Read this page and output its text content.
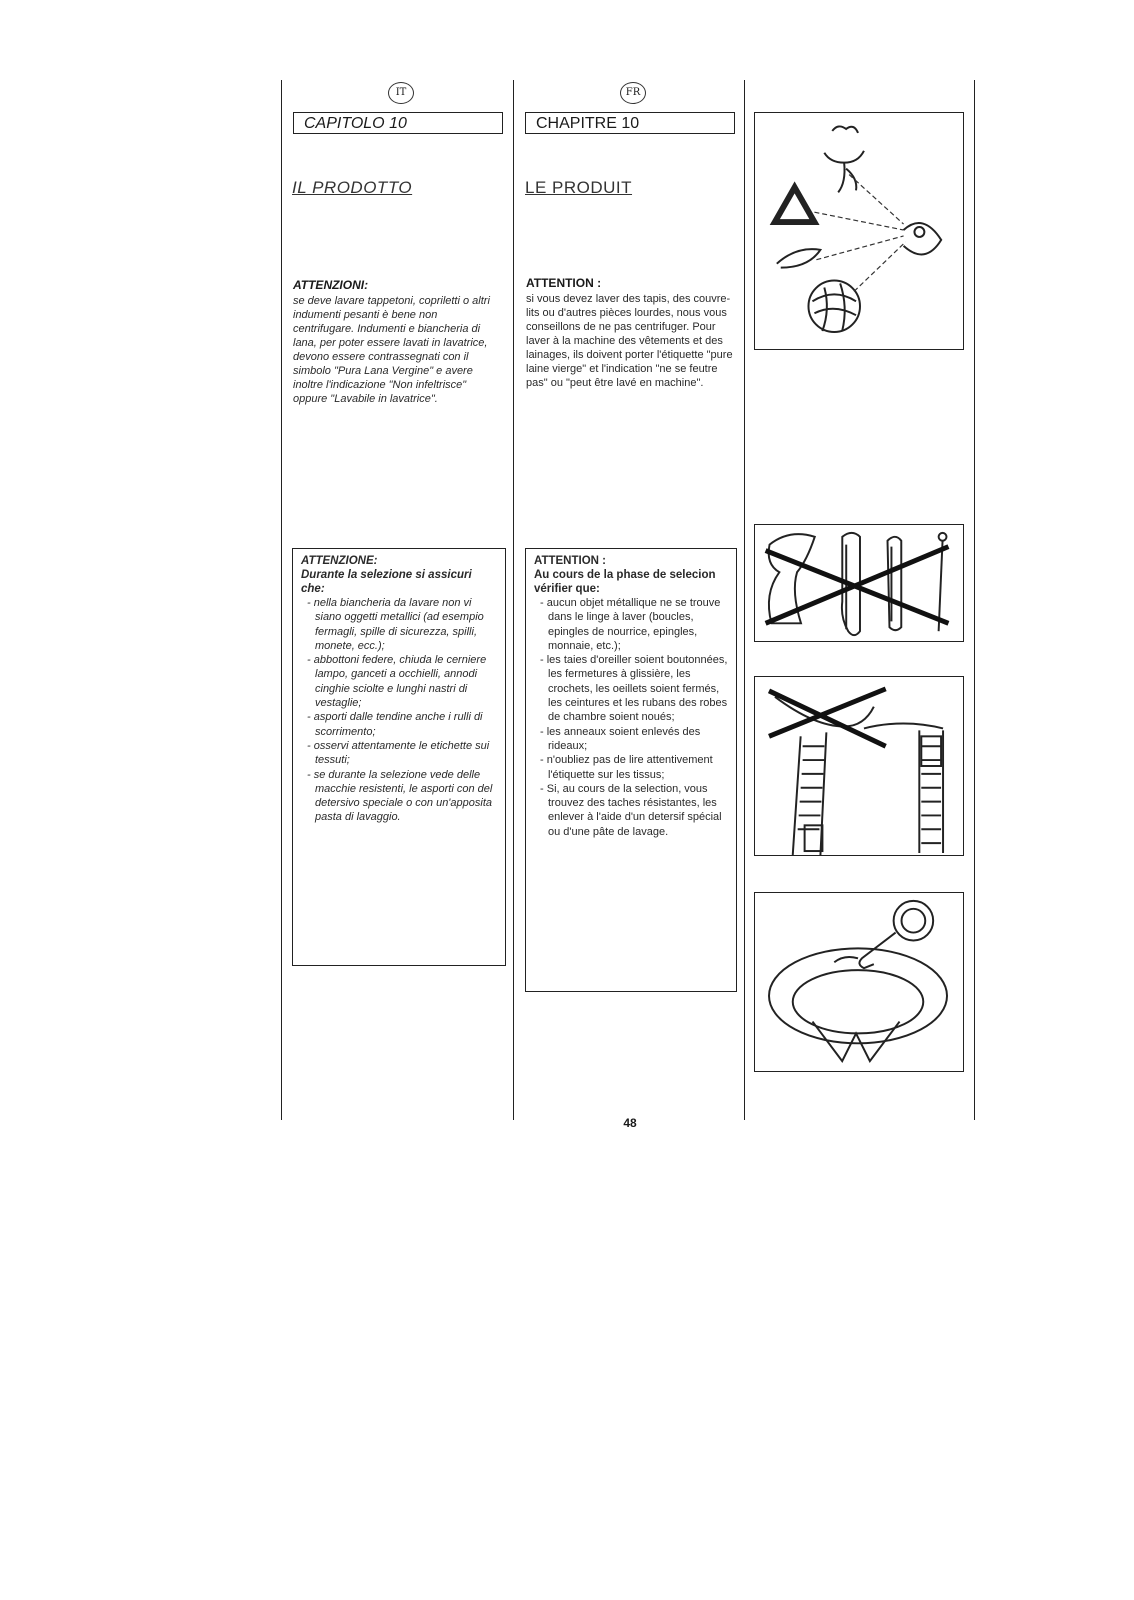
IT
CAPITOLO 10
IL PRODOTTO
ATTENZIONI:

se deve lavare tappetoni, copriletti o altri indumenti pesanti è bene non centrifugare. Indumenti e biancheria di lana, per poter essere lavati in lavatrice, devono essere contrassegnati con il simbolo "Pura Lana Vergine" e avere inoltre l'indicazione "Non infeltrisce" oppure "Lavabile in lavatrice".

ATTENZIONE:
Durante la selezione si assicuri che:
- nella biancheria da lavare non vi siano oggetti metallici (ad esempio fermagli, spille di sicurezza, spilli, monete, ecc.);
- abbottoni federe, chiuda le cerniere lampo, ganceti a occhielli, annodi cinghie sciolte e lunghi nastri di vestaglie;
- asporti dalle tendine anche i rulli di scorrimento;
- osservi attentamente le etichette sui tessuti;
- se durante la selezione vede delle macchie resistenti, le asporti con del detersivo speciale o con un'apposita pasta di lavaggio.
FR
CHAPITRE 10
LE PRODUIT
ATTENTION :

si vous devez laver des tapis, des couvre-lits ou d'autres pièces lourdes, nous vous conseillons de ne pas centrifuger. Pour laver à la machine des vêtements et des lainages, ils doivent porter l'étiquette "pure laine vierge" et l'indication "ne se feutre pas" ou "peut être lavé en machine".

ATTENTION :
Au cours de la phase de selecion vérifier que:
- aucun objet métallique ne se trouve dans le linge à laver (boucles, epingles de nourrice, epingles, monnaie, etc.);
- les taies d'oreiller soient boutonnées, les fermetures à glissière, les crochets, les oeillets soient fermés, les ceintures et les rubans des robes de chambre soient noués;
- les anneaux soient enlevés des rideaux;
- n'oubliez pas de lire attentivement l'étiquette sur les tissus;
- Si, au cours de la selection, vous trouvez des taches résistantes, les enlever à l'aide d'un detersif spécial ou d'une pâte de lavage.
48
